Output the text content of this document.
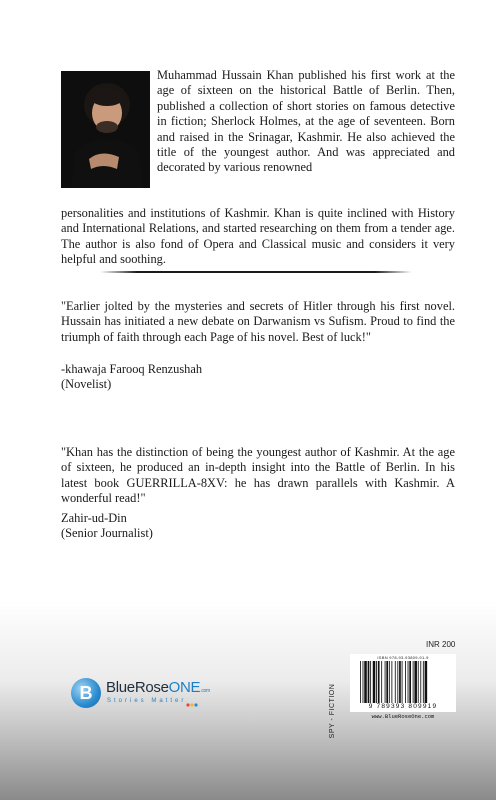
Muhammad Hussain Khan published his first work at the age of sixteen on the historical Battle of Berlin. Then, published a collection of short stories on famous detective in fiction; Sherlock Holmes, at the age of seventeen. Born and raised in the Srinagar, Kashmir. He also achieved the title of the youngest author. And was appreciated and decorated by various renowned

personalities and institutions of Kashmir. Khan is quite inclined with History and International Relations, and started researching on them from a tender age. The author is also fond of Opera and Classical music and considers it very helpful and soothing.

"Earlier jolted by the mysteries and secrets of Hitler through his first novel. Hussain has initiated a new debate on Darwanism vs Sufism. Proud to find the triumph of faith through each Page of his novel. Best of luck!"

-khawaja Farooq Renzushah
(Novelist)

"Khan has the distinction of being the youngest author of Kashmir. At the age of sixteen, he produced an in-depth insight into the Battle of Berlin. In his latest book GUERRILLA-8XV: he has drawn parallels with Kashmir. A wonderful read!"

Zahir-ud-Din
(Senior Journalist)
B BlueRoseONE.com
Stories Matter
INR 200
SPY - FICTION
ISBN 978-93-93809-91-9
9 789393 809919
www.BlueRoseOne.com
